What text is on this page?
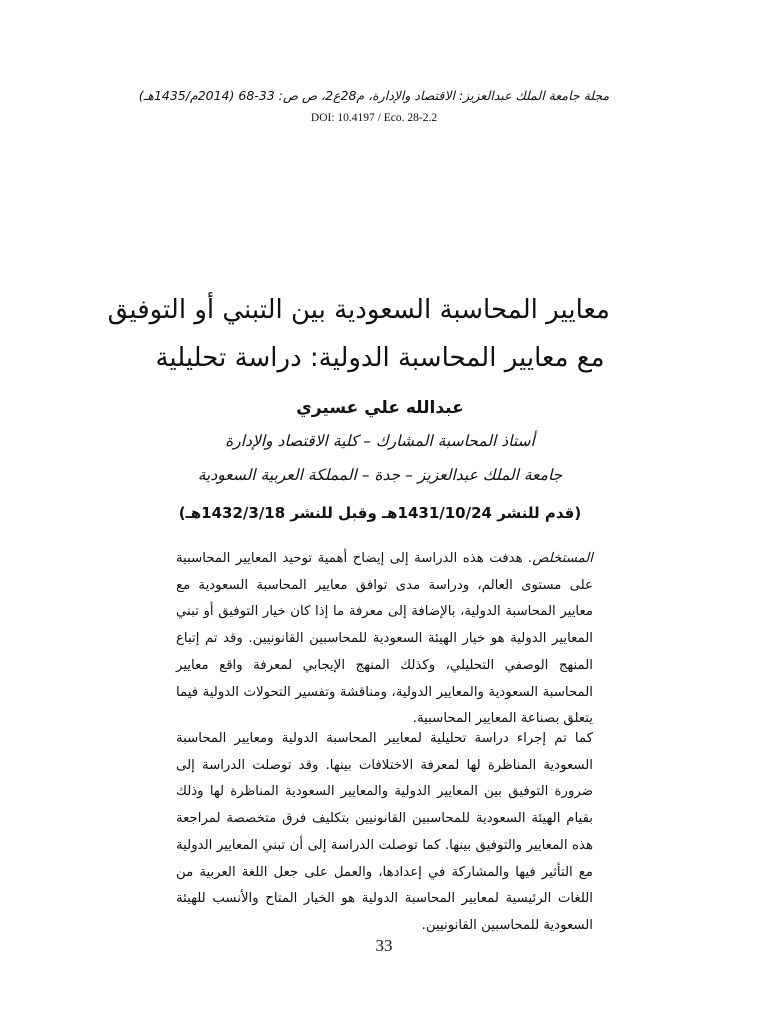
مجلة جامعة الملك عبدالعزيز: الاقتصاد والإدارة، م28ع2، ص ص: 33-68 (2014م/1435هـ)
DOI: 10.4197 / Eco. 28-2.2
معايير المحاسبة السعودية بين التبني أو التوفيق
مع معايير المحاسبة الدولية: دراسة تحليلية
عبدالله علي عسيري
أستاذ المحاسبة المشارك – كلية الاقتصاد والإدارة
جامعة الملك عبدالعزيز – جدة – المملكة العربية السعودية
(قدم للنشر 1431/10/24هـ وقبل للنشر 1432/3/18هـ)

المستخلص. هدفت هذه الدراسة إلى إيضاح أهمية توحيد المعايير المحاسبية على مستوى العالم، ودراسة مدى توافق معايير المحاسبة السعودية مع معايير المحاسبة الدولية، بالإضافة إلى معرفة ما إذا كان خيار التوفيق أو تبني المعايير الدولية هو خيار الهيئة السعودية للمحاسبين القانونيين. وقد تم إتباع المنهج الوصفي التحليلي، وكذلك المنهج الإيجابي لمعرفة واقع معايير المحاسبة السعودية والمعايير الدولية، ومناقشة وتفسير التحولات الدولية فيما يتعلق بصناعة المعايير المحاسبية.

كما تم إجراء دراسة تحليلية لمعايير المحاسبة الدولية ومعايير المحاسبة السعودية المناظرة لها لمعرفة الاختلافات بينها. وقد توصلت الدراسة إلى ضرورة التوفيق بين المعايير الدولية والمعايير السعودية المناظرة لها وذلك بقيام الهيئة السعودية للمحاسبين القانونيين بتكليف فرق متخصصة لمراجعة هذه المعايير والتوفيق بينها. كما توصلت الدراسة إلى أن تبني المعايير الدولية مع التأثير فيها والمشاركة في إعدادها، والعمل على جعل اللغة العربية من اللغات الرئيسية لمعايير المحاسبة الدولية هو الخيار المتاح والأنسب للهيئة السعودية للمحاسبين القانونيين.

33
